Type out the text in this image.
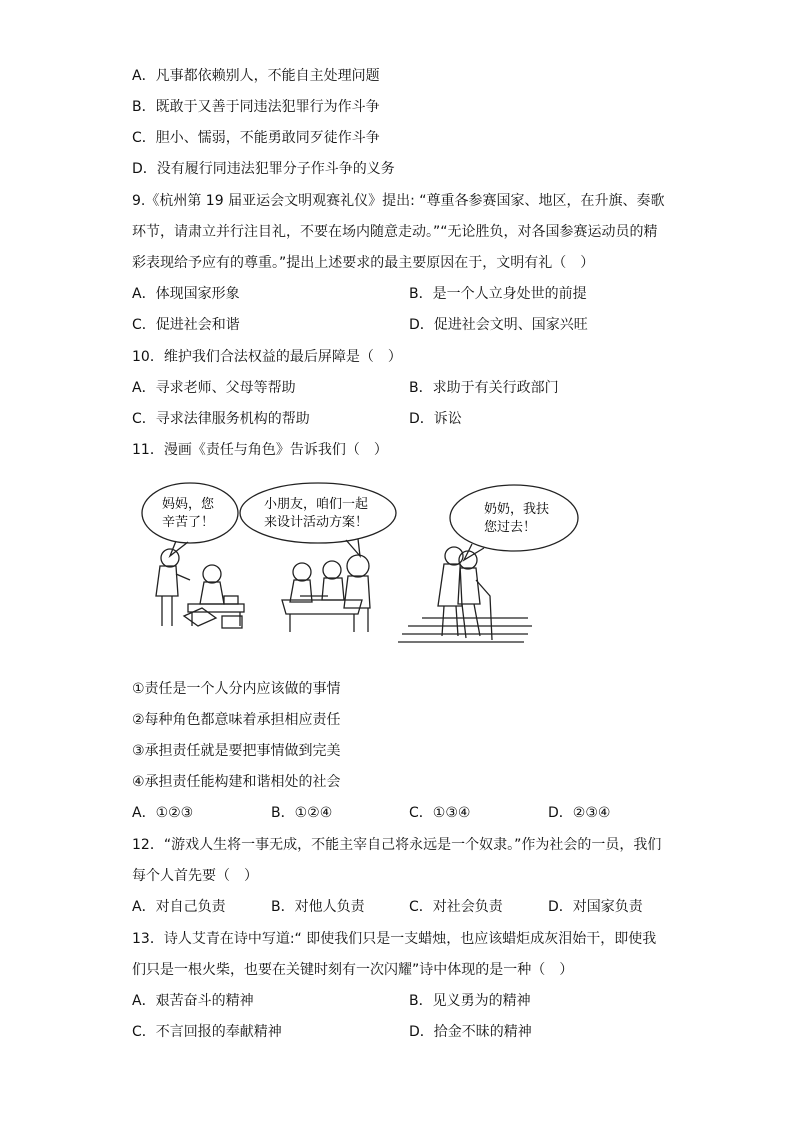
A．凡事都依赖别人，不能自主处理问题
B．既敢于又善于同违法犯罪行为作斗争
C．胆小、懦弱，不能勇敢同歹徒作斗争
D．没有履行同违法犯罪分子作斗争的义务
9.《杭州第 19 届亚运会文明观赛礼仪》提出: “尊重各参赛国家、地区，在升旗、奏歌
环节，请肃立并行注目礼，不要在场内随意走动。”“无论胜负，对各国参赛运动员的精
彩表现给予应有的尊重。”提出上述要求的最主要原因在于，文明有礼（　）
A．体现国家形象	B．是一个人立身处世的前提
C．促进社会和谐	D．促进社会文明、国家兴旺
10．维护我们合法权益的最后屏障是（　）
A．寻求老师、父母等帮助	B．求助于有关行政部门
C．寻求法律服务机构的帮助	D．诉讼
11．漫画《责任与角色》告诉我们（　）
妈妈，您
辛苦了！
小朋友，咱们一起
来设计活动方案！
奶奶，我扶
您过去！
①责任是一个人分内应该做的事情
②每种角色都意味着承担相应责任
③承担责任就是要把事情做到完美
④承担责任能构建和谐相处的社会
A．①②③	B．①②④	C．①③④	D．②③④
12．“游戏人生将一事无成，不能主宰自己将永远是一个奴隶。”作为社会的一员，我们
每个人首先要（　）
A．对自己负责	B．对他人负责	C．对社会负责	D．对国家负责
13．诗人艾青在诗中写道:“ 即使我们只是一支蜡烛，也应该蜡炬成灰泪始干，即使我
们只是一根火柴，也要在关键时刻有一次闪耀”诗中体现的是一种（　）
A．艰苦奋斗的精神	B．见义勇为的精神
C．不言回报的奉献精神	D．拾金不昧的精神
